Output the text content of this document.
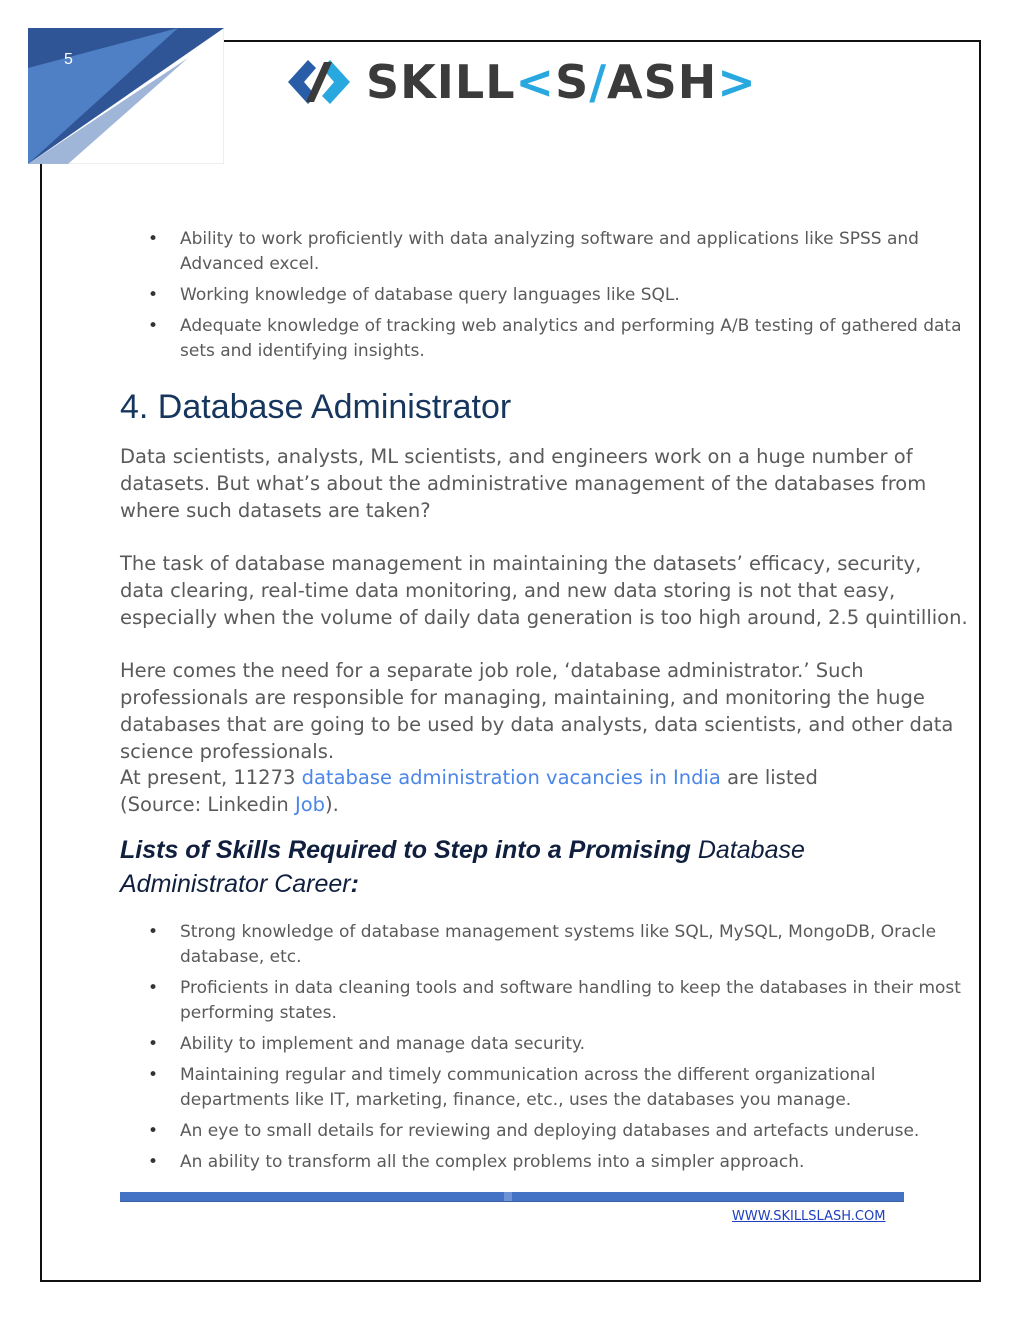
5	SKILL<S/ASH>
• Ability to work proficiently with data analyzing software and applications like SPSS and Advanced excel.
• Working knowledge of database query languages like SQL.
• Adequate knowledge of tracking web analytics and performing A/B testing of gathered data sets and identifying insights.
4. Database Administrator

Data scientists, analysts, ML scientists, and engineers work on a huge number of datasets. But what’s about the administrative management of the databases from where such datasets are taken?

The task of database management in maintaining the datasets’ efficacy, security, data clearing, real-time data monitoring, and new data storing is not that easy, especially when the volume of daily data generation is too high around, 2.5 quintillion.

Here comes the need for a separate job role, ‘database administrator.’ Such professionals are responsible for managing, maintaining, and monitoring the huge databases that are going to be used by data analysts, data scientists, and other data science professionals.

At present, 11273 database administration vacancies in India are listed (Source: Linkedin Job).

Lists of Skills Required to Step into a Promising Database Administrator Career:
• Strong knowledge of database management systems like SQL, MySQL, MongoDB, Oracle database, etc.
• Proficients in data cleaning tools and software handling to keep the databases in their most performing states.
• Ability to implement and manage data security.
• Maintaining regular and timely communication across the different organizational departments like IT, marketing, finance, etc., uses the databases you manage.
• An eye to small details for reviewing and deploying databases and artefacts underuse.
• An ability to transform all the complex problems into a simpler approach.
WWW.SKILLSLASH.COM
